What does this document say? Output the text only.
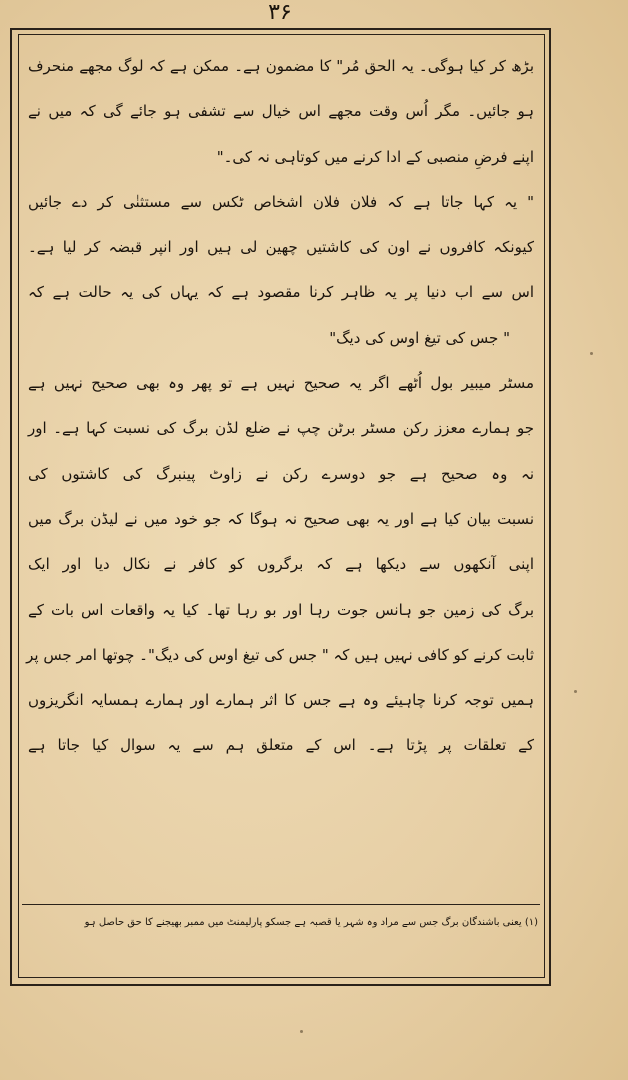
۳۶
بڑھ کر کیا ہوگی۔ یہ الحق مُر" کا مضمون ہے۔ ممکن ہے کہ لوگ مجھے منحرف
ہو جائیں۔ مگر اُس وقت مجھے اس خیال سے تشفی ہو جائے گی کہ میں نے
اپنے فرضِ منصبی کے ادا کرنے میں کوتاہی نہ کی۔"
" یہ کہا جاتا ہے کہ فلان فلان اشخاص ٹکس سے مستثنٰی کر دے جائیں
کیونکہ کافروں نے اون کی کاشتیں چھین لی ہیں اور انپر قبضہ کر لیا ہے۔
اس سے اب دنیا پر یہ ظاہر کرنا مقصود ہے کہ یہاں کی یہ حالت ہے کہ
" جس کی تیغ اوس کی دیگ"
مسٹر میبیر بول اُٹھے اگر یہ صحیح نہیں ہے تو پھر وہ بھی صحیح نہیں ہے
جو ہمارے معزز رکن مسٹر برٹن چپ نے ضلع لڈن برگ کی نسبت کہا ہے۔ اور
نہ وہ صحیح ہے جو دوسرے رکن نے زاوٹ پینبرگ کی کاشتوں کی
نسبت بیان کیا ہے اور یہ بھی صحیح نہ ہوگا کہ جو خود میں نے لیڈن برگ میں
اپنی آنکھوں سے دیکھا ہے کہ برگروں کو کافر نے نکال دیا اور ایک
برگ کی زمین جو ہانس جوت رہا اور بو رہا تھا۔ کیا یہ واقعات اس بات کے
ثابت کرنے کو کافی نہیں ہیں کہ " جس کی تیغ اوس کی دیگ"۔ چوتھا امر جس پر
ہمیں توجہ کرنا چاہیئے وہ ہے جس کا اثر ہمارے اور ہمارے ہمسایہ انگریزوں
کے تعلقات پر پڑتا ہے۔ اس کے متعلق ہم سے یہ سوال کیا جاتا ہے
(۱) یعنی باشندگان برگ جس سے مراد وہ شہر یا قصبہ ہے جسکو پارلیمنٹ میں ممبر بھیجنے کا حق حاصل ہو
